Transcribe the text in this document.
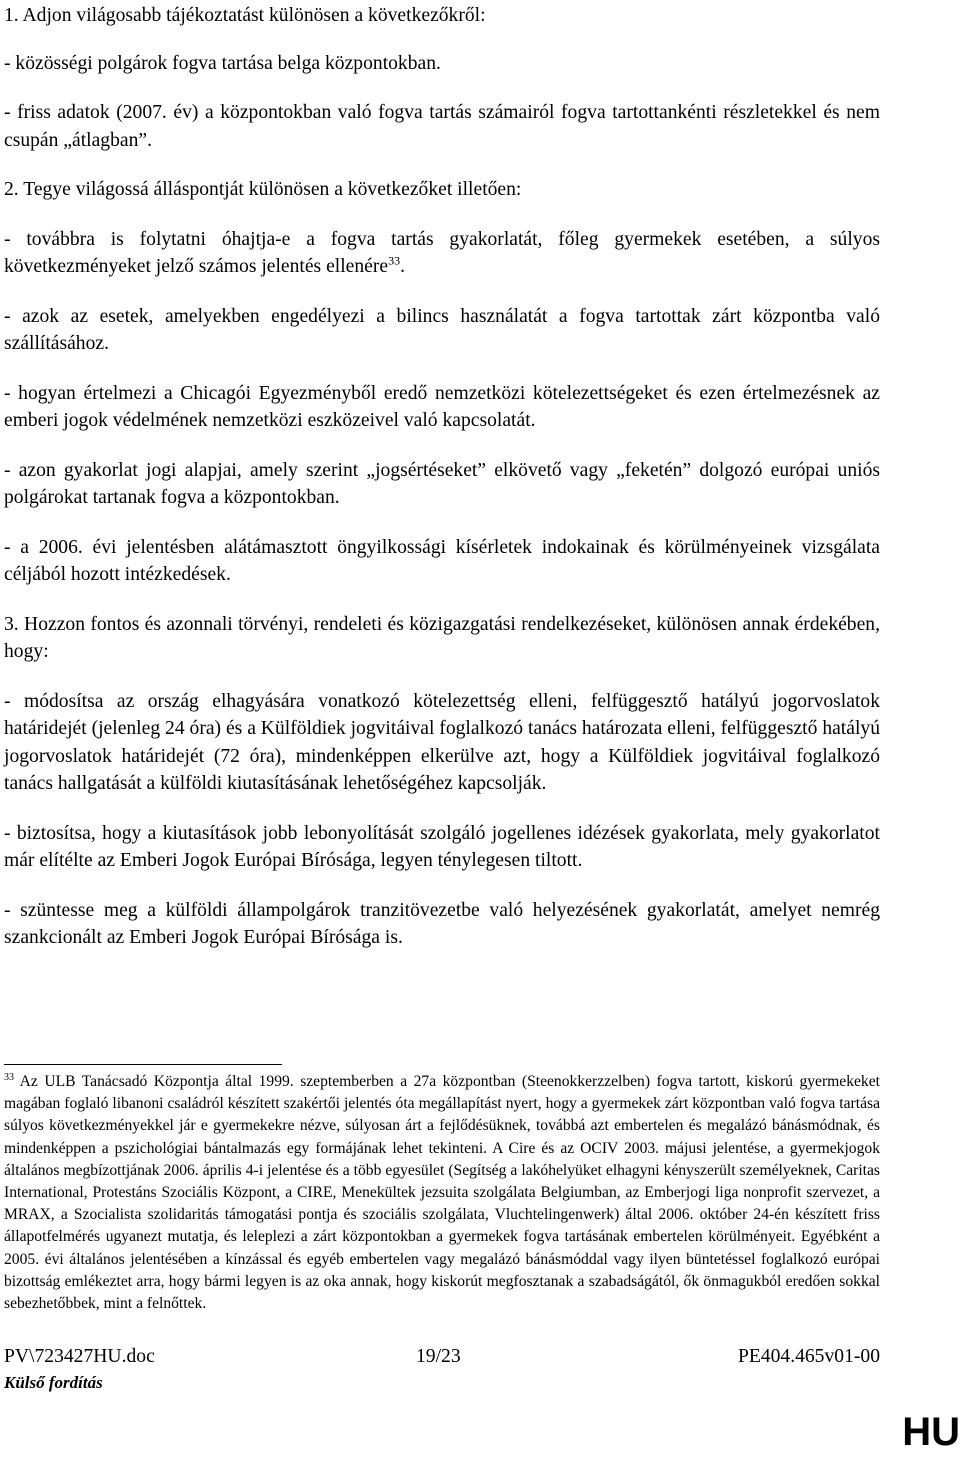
1. Adjon világosabb tájékoztatást különösen a következőkről:

- közösségi polgárok fogva tartása belga központokban.

- friss adatok (2007. év) a központokban való fogva tartás számairól fogva tartottankénti részletekkel és nem csupán „átlagban”.

2. Tegye világossá álláspontját különösen a következőket illetően:

- továbbra is folytatni óhajtja-e a fogva tartás gyakorlatát, főleg gyermekek esetében, a súlyos következményeket jelző számos jelentés ellenére$^{33}$.

- azok az esetek, amelyekben engedélyezi a bilincs használatát a fogva tartottak zárt központba való szállításához.

- hogyan értelmezi a Chicagói Egyezményből eredő nemzetközi kötelezettségeket és ezen értelmezésnek az emberi jogok védelmének nemzetközi eszközeivel való kapcsolatát.

- azon gyakorlat jogi alapjai, amely szerint „jogsértéseket” elkövető vagy „feketén” dolgozó európai uniós polgárokat tartanak fogva a központokban.

- a 2006. évi jelentésben alátámasztott öngyilkossági kísérletek indokainak és körülményeinek vizsgálata céljából hozott intézkedések.

3. Hozzon fontos és azonnali törvényi, rendeleti és közigazgatási rendelkezéseket, különösen annak érdekében, hogy:

- módosítsa az ország elhagyására vonatkozó kötelezettség elleni, felfüggesztő hatályú jogorvoslatok határidejét (jelenleg 24 óra) és a Külföldiek jogvitáival foglalkozó tanács határozata elleni, felfüggesztő hatályú jogorvoslatok határidejét (72 óra), mindenképpen elkerülve azt, hogy a Külföldiek jogvitáival foglalkozó tanács hallgatását a külföldi kiutasításának lehetőségéhez kapcsolják.

- biztosítsa, hogy a kiutasítások jobb lebonyolítását szolgáló jogellenes idézések gyakorlata, mely gyakorlatot már elítélte az Emberi Jogok Európai Bírósága, legyen ténylegesen tiltott.

- szüntesse meg a külföldi állampolgárok tranzitövezetbe való helyezésének gyakorlatát, amelyet nemrég szankcionált az Emberi Jogok Európai Bírósága is.

$^{33}$ Az ULB Tanácsadó Központja által 1999. szeptemberben a 27a központban (Steenokkerzzelben) fogva tartott, kiskorú gyermekeket magában foglaló libanoni családról készített szakértői jelentés óta megállapítást nyert, hogy a gyermekek zárt központban való fogva tartása súlyos következményekkel jár e gyermekekre nézve, súlyosan árt a fejlődésüknek, továbbá azt embertelen és megalázó bánásmódnak, és mindenképpen a pszichológiai bántalmazás egy formájának lehet tekinteni. A Cire és az OCIV 2003. májusi jelentése, a gyermekjogok általános megbízottjának 2006. április 4-i jelentése és a több egyesület (Segítség a lakóhelyüket elhagyni kényszerült személyeknek, Caritas International, Protestáns Szociális Központ, a CIRE, Menekültek jezsuita szolgálata Belgiumban, az Emberjogi liga nonprofit szervezet, a MRAX, a Szocialista szolidaritás támogatási pontja és szociális szolgálata, Vluchtelingenwerk) által 2006. október 24-én készített friss állapotfelmérés ugyanezt mutatja, és leleplezi a zárt központokban a gyermekek fogva tartásának embertelen körülményeit. Egyébként a 2005. évi általános jelentésében a kínzással és egyéb embertelen vagy megalázó bánásmóddal vagy ilyen büntetéssel foglalkozó európai bizottság emlékeztet arra, hogy bármi legyen is az oka annak, hogy kiskorút megfosztanak a szabadságától, ők önmagukból eredően sokkal sebezhetőbbek, mint a felnőttek.

PV\723427HU.doc	19/23	PE404.465v01-00
Külső fordítás
HU
